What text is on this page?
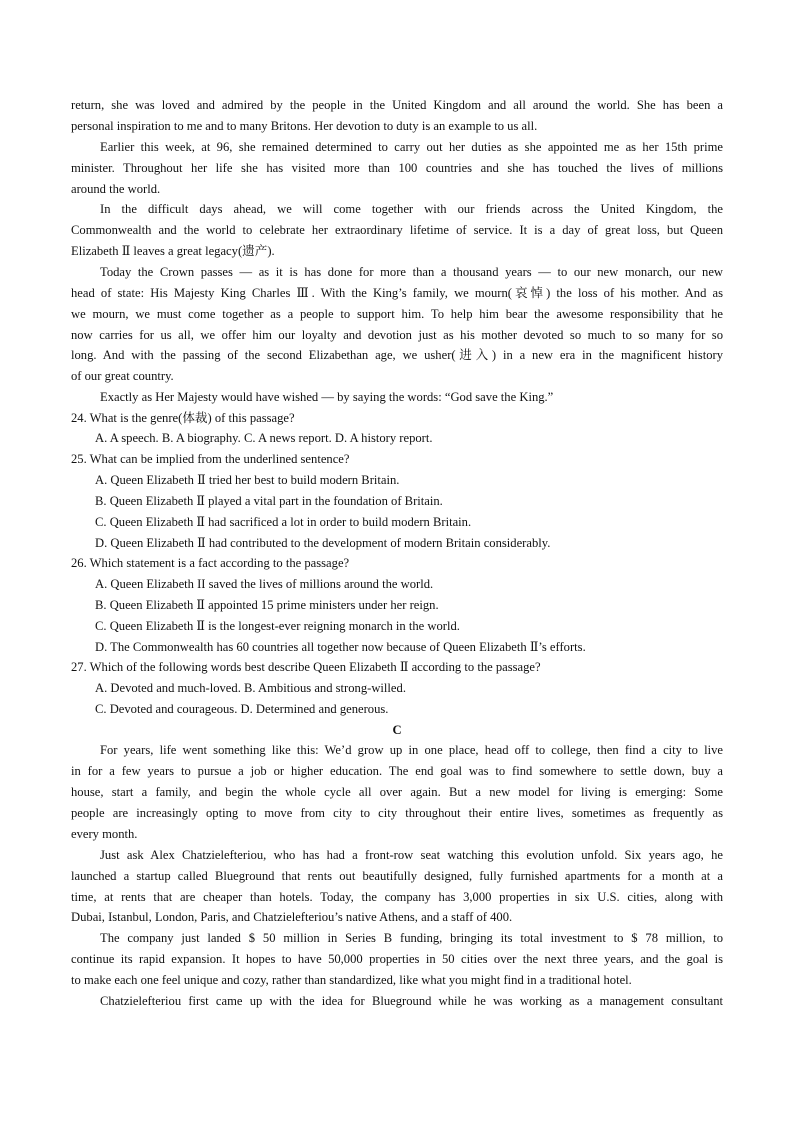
return, she was loved and admired by the people in the United Kingdom and all around the world. She has been a
personal inspiration to me and to many Britons. Her devotion to duty is an example to us all.
Earlier this week, at 96, she remained determined to carry out her duties as she appointed me as her 15th prime
minister. Throughout her life she has visited more than 100 countries and she has touched the lives of millions
around the world.
In the difficult days ahead, we will come together with our friends across the United Kingdom, the
Commonwealth and the world to celebrate her extraordinary lifetime of service. It is a day of great loss, but Queen
Elizabeth Ⅱ leaves a great legacy(遗产).
Today the Crown passes — as it is has done for more than a thousand years — to our new monarch, our new
head of state: His Majesty King Charles Ⅲ. With the King’s family, we mourn(哀悼) the loss of his mother. And as
we mourn, we must come together as a people to support him. To help him bear the awesome responsibility that he
now carries for us all, we offer him our loyalty and devotion just as his mother devoted so much to so many for so
long. And with the passing of the second Elizabethan age, we usher(进入) in a new era in the magnificent history
of our great country.
Exactly as Her Majesty would have wished — by saying the words: “God save the King.”
24. What is the genre(体裁) of this passage?
A. A speech. B. A biography. C. A news report. D. A history report.
25. What can be implied from the underlined sentence?
A. Queen Elizabeth Ⅱ tried her best to build modern Britain.
B. Queen Elizabeth Ⅱ played a vital part in the foundation of Britain.
C. Queen Elizabeth Ⅱ had sacrificed a lot in order to build modern Britain.
D. Queen Elizabeth Ⅱ had contributed to the development of modern Britain considerably.
26. Which statement is a fact according to the passage?
A. Queen Elizabeth II saved the lives of millions around the world.
B. Queen Elizabeth Ⅱ appointed 15 prime ministers under her reign.
C. Queen Elizabeth Ⅱ is the longest-ever reigning monarch in the world.
D. The Commonwealth has 60 countries all together now because of Queen Elizabeth Ⅱ’s efforts.
27. Which of the following words best describe Queen Elizabeth Ⅱ according to the passage?
A. Devoted and much-loved. B. Ambitious and strong-willed.
C. Devoted and courageous. D. Determined and generous.
C
For years, life went something like this: We’d grow up in one place, head off to college, then find a city to live
in for a few years to pursue a job or higher education. The end goal was to find somewhere to settle down, buy a
house, start a family, and begin the whole cycle all over again. But a new model for living is emerging: Some
people are increasingly opting to move from city to city throughout their entire lives, sometimes as frequently as
every month.
Just ask Alex Chatzielefteriou, who has had a front-row seat watching this evolution unfold. Six years ago, he
launched a startup called Blueground that rents out beautifully designed, fully furnished apartments for a month at a
time, at rents that are cheaper than hotels. Today, the company has 3,000 properties in six U.S. cities, along with
Dubai, Istanbul, London, Paris, and Chatzielefteriou’s native Athens, and a staff of 400.
The company just landed $ 50 million in Series B funding, bringing its total investment to $ 78 million, to
continue its rapid expansion. It hopes to have 50,000 properties in 50 cities over the next three years, and the goal is
to make each one feel unique and cozy, rather than standardized, like what you might find in a traditional hotel.
Chatzielefteriou first came up with the idea for Blueground while he was working as a management consultant
